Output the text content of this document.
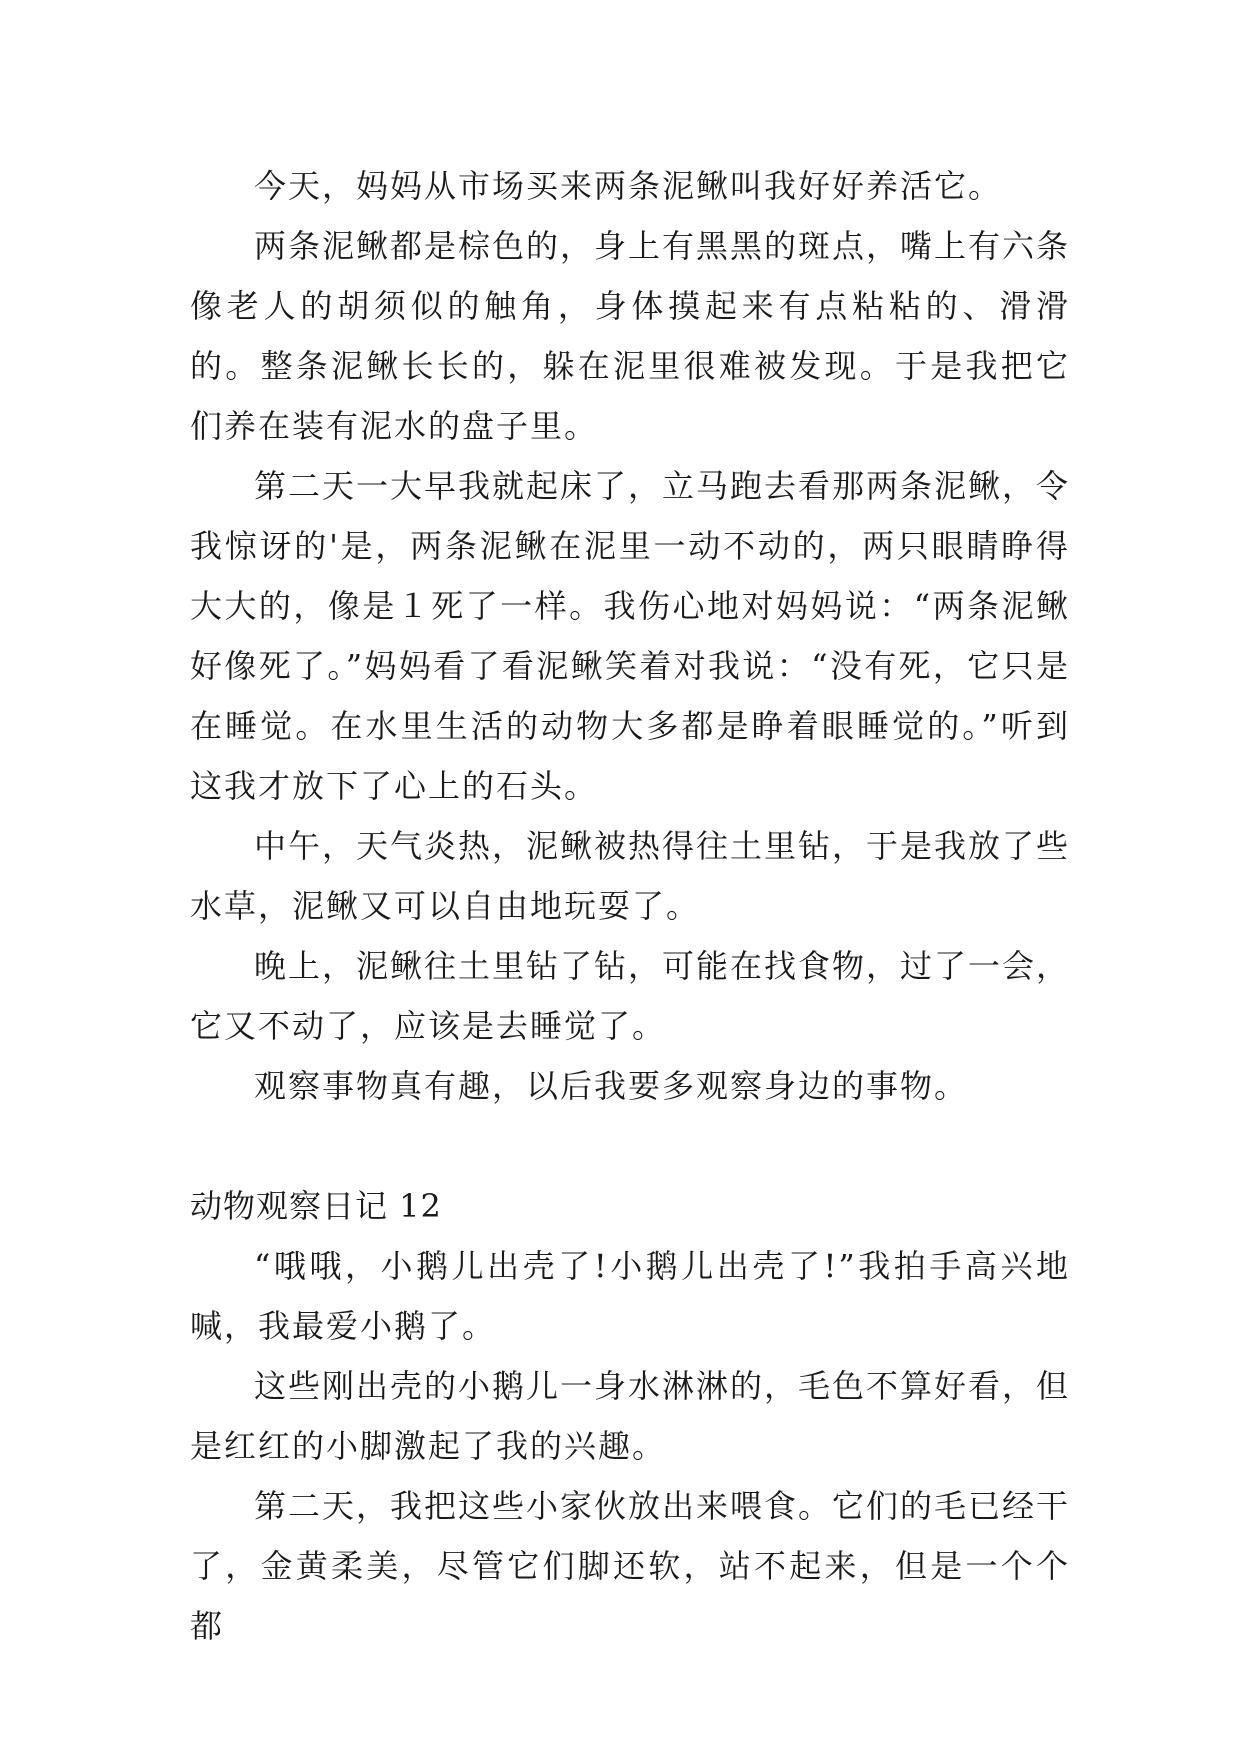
今天，妈妈从市场买来两条泥鳅叫我好好养活它。

两条泥鳅都是棕色的，身上有黑黑的斑点，嘴上有六条像老人的胡须似的触角，身体摸起来有点粘粘的、滑滑的。整条泥鳅长长的，躲在泥里很难被发现。于是我把它们养在装有泥水的盘子里。

第二天一大早我就起床了，立马跑去看那两条泥鳅，令我惊讶的'是，两条泥鳅在泥里一动不动的，两只眼睛睁得大大的，像是１死了一样。我伤心地对妈妈说：“两条泥鳅好像死了。”妈妈看了看泥鳅笑着对我说：“没有死，它只是在睡觉。在水里生活的动物大多都是睁着眼睡觉的。”听到这我才放下了心上的石头。

中午，天气炎热，泥鳅被热得往土里钻，于是我放了些水草，泥鳅又可以自由地玩耍了。

晚上，泥鳅往土里钻了钻，可能在找食物，过了一会，它又不动了，应该是去睡觉了。

观察事物真有趣，以后我要多观察身边的事物。

动物观察日记 12

“哦哦，小鹅儿出壳了!小鹅儿出壳了!”我拍手高兴地喊，我最爱小鹅了。

这些刚出壳的小鹅儿一身水淋淋的，毛色不算好看，但是红红的小脚激起了我的兴趣。

第二天，我把这些小家伙放出来喂食。它们的毛已经干了，金黄柔美，尽管它们脚还软，站不起来，但是一个个都
